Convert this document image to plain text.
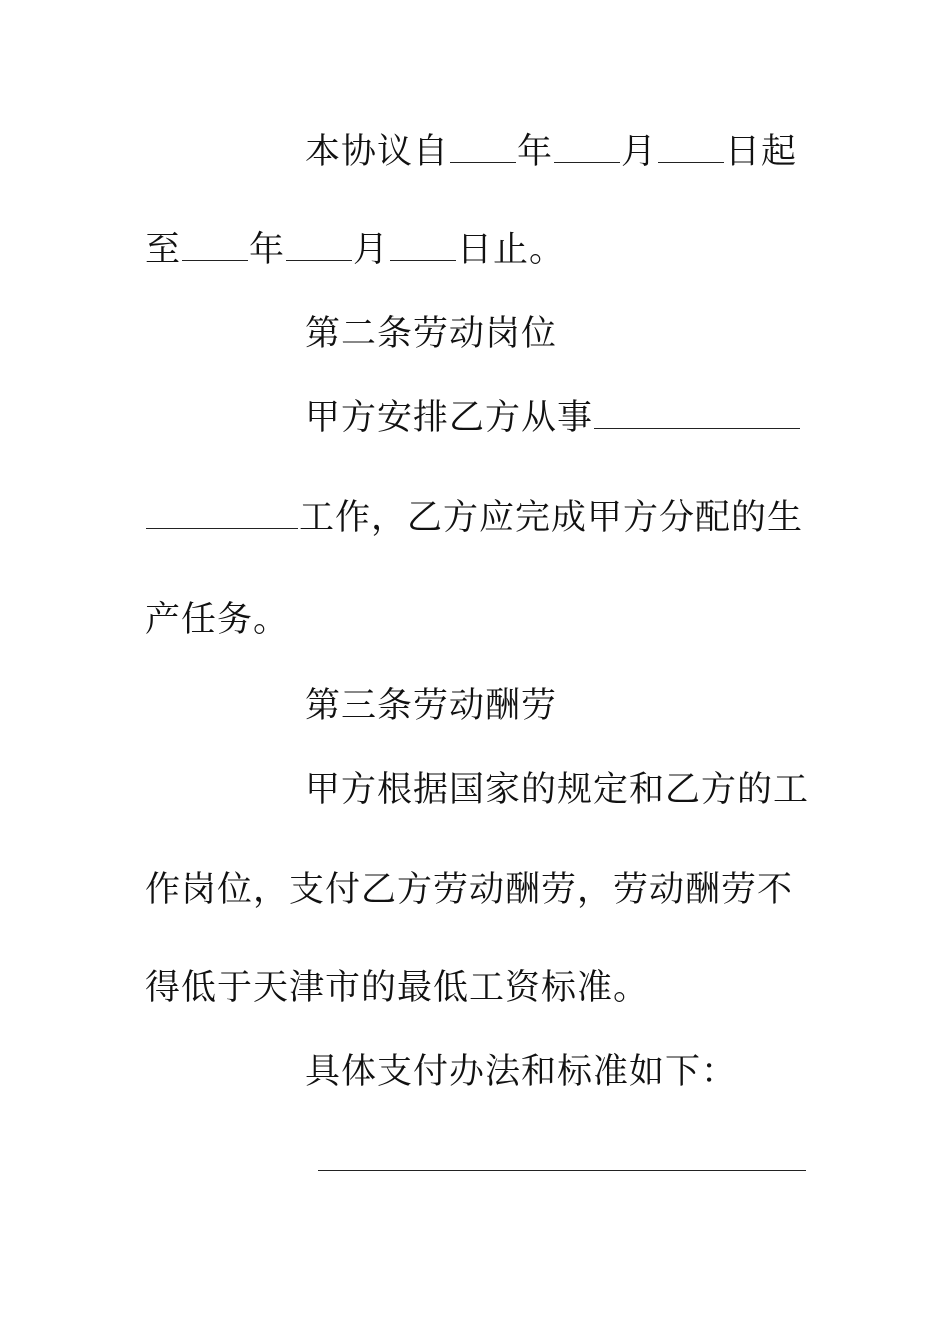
本协议自 年 月 日起
至 年 月 日止。
第二条劳动岗位
甲方安排乙方从事
工作，乙方应完成甲方分配的生
产任务。
第三条劳动酬劳
甲方根据国家的规定和乙方的工
作岗位，支付乙方劳动酬劳，劳动酬劳不
得低于天津市的最低工资标准。
具体支付办法和标准如下：
